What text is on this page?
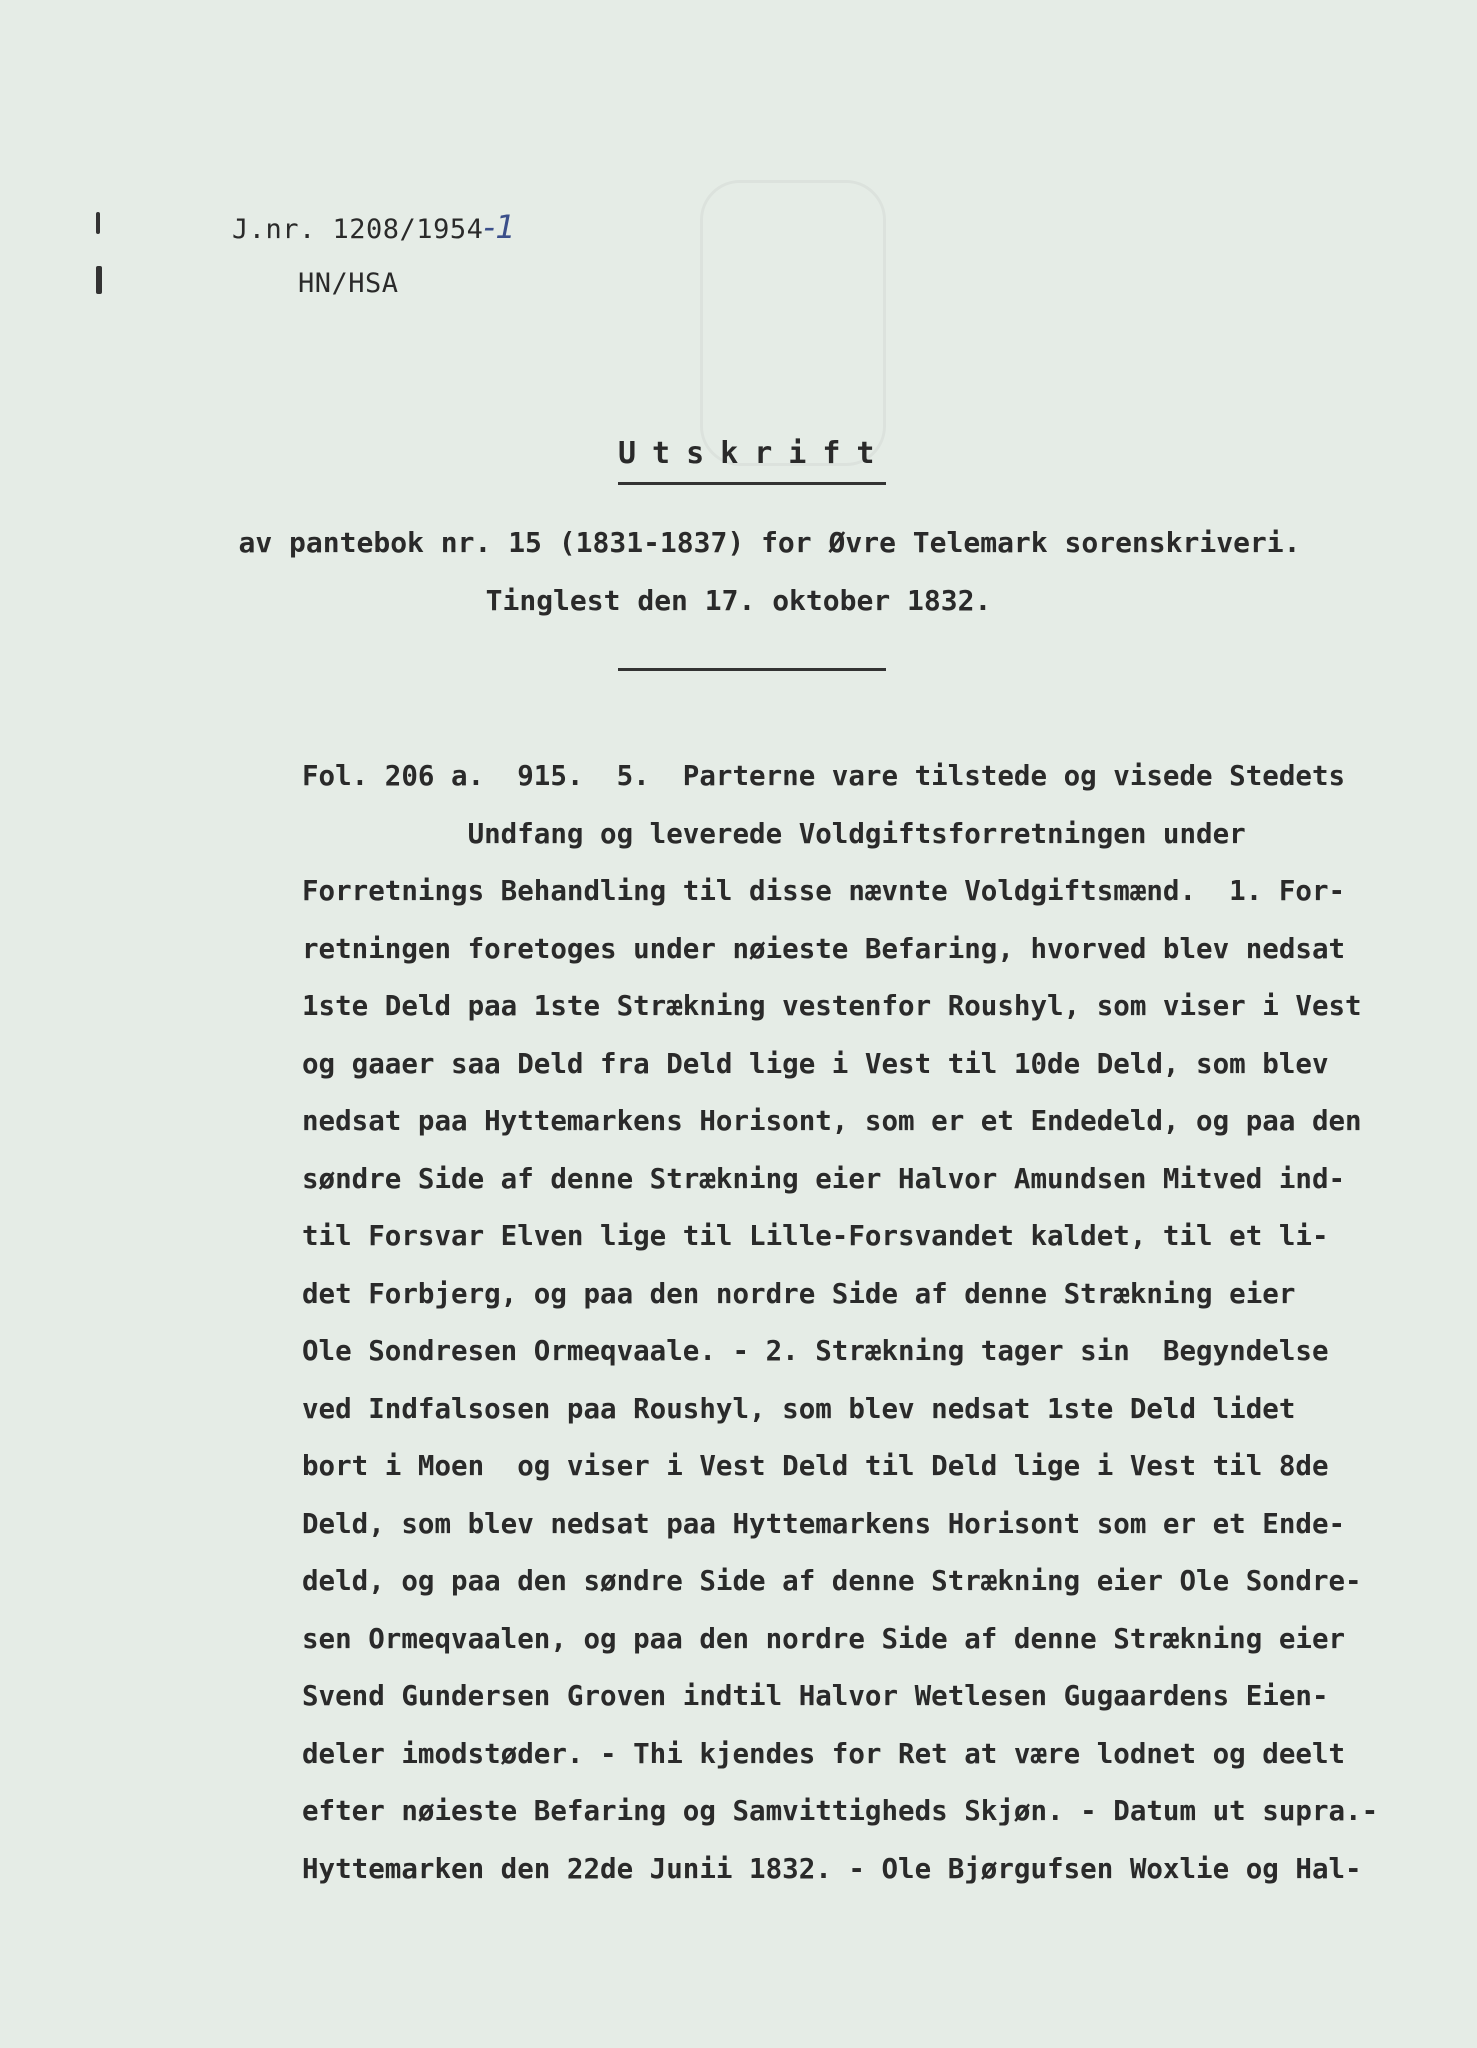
J.nr. 1208/1954-1
HN/HSA
Utskrift
av pantebok nr. 15 (1831-1837) for Øvre Telemark sorenskriveri.
Tinglest den 17. oktober 1832.
Fol. 206 a.  915.  5.  Parterne vare tilstede og visede Stedets
Undfang og leverede Voldgiftsforretningen under
Forretnings Behandling til disse nævnte Voldgiftsmænd.  1. For-
retningen foretoges under nøieste Befaring, hvorved blev nedsat
1ste Deld paa 1ste Strækning vestenfor Roushyl, som viser i Vest
og gaaer saa Deld fra Deld lige i Vest til 10de Deld, som blev
nedsat paa Hyttemarkens Horisont, som er et Endedeld, og paa den
søndre Side af denne Strækning eier Halvor Amundsen Mitved ind-
til Forsvar Elven lige til Lille-Forsvandet kaldet, til et li-
det Forbjerg, og paa den nordre Side af denne Strækning eier
Ole Sondresen Ormeqvaale. - 2. Strækning tager sin  Begyndelse
ved Indfalsosen paa Roushyl, som blev nedsat 1ste Deld lidet
bort i Moen  og viser i Vest Deld til Deld lige i Vest til 8de
Deld, som blev nedsat paa Hyttemarkens Horisont som er et Ende-
deld, og paa den søndre Side af denne Strækning eier Ole Sondre-
sen Ormeqvaalen, og paa den nordre Side af denne Strækning eier
Svend Gundersen Groven indtil Halvor Wetlesen Gugaardens Eien-
deler imodstøder. - Thi kjendes for Ret at være lodnet og deelt
efter nøieste Befaring og Samvittigheds Skjøn. - Datum ut supra.-
Hyttemarken den 22de Junii 1832. - Ole Bjørgufsen Woxlie og Hal-
